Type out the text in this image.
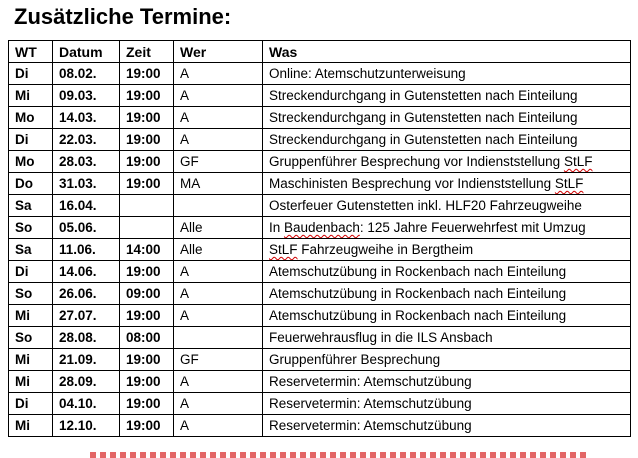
Zusätzliche Termine:
WT	Datum	Zeit	Wer	Was
Di	08.02.	19:00	A	Online: Atemschutzunterweisung
Mi	09.03.	19:00	A	Streckendurchgang in Gutenstetten nach Einteilung
Mo	14.03.	19:00	A	Streckendurchgang in Gutenstetten nach Einteilung
Di	22.03.	19:00	A	Streckendurchgang in Gutenstetten nach Einteilung
Mo	28.03.	19:00	GF	Gruppenführer Besprechung vor Indienststellung StLF
Do	31.03.	19:00	MA	Maschinisten Besprechung vor Indienststellung StLF
Sa	16.04.			Osterfeuer Gutenstetten inkl. HLF20 Fahrzeugweihe
So	05.06.		Alle	In Baudenbach: 125 Jahre Feuerwehrfest mit Umzug
Sa	11.06.	14:00	Alle	StLF Fahrzeugweihe in Bergtheim
Di	14.06.	19:00	A	Atemschutzübung in Rockenbach nach Einteilung
So	26.06.	09:00	A	Atemschutzübung in Rockenbach nach Einteilung
Mi	27.07.	19:00	A	Atemschutzübung in Rockenbach nach Einteilung
So	28.08.	08:00		Feuerwehrausflug in die ILS Ansbach
Mi	21.09.	19:00	GF	Gruppenführer Besprechung
Mi	28.09.	19:00	A	Reservetermin: Atemschutzübung
Di	04.10.	19:00	A	Reservetermin: Atemschutzübung
Mi	12.10.	19:00	A	Reservetermin: Atemschutzübung
